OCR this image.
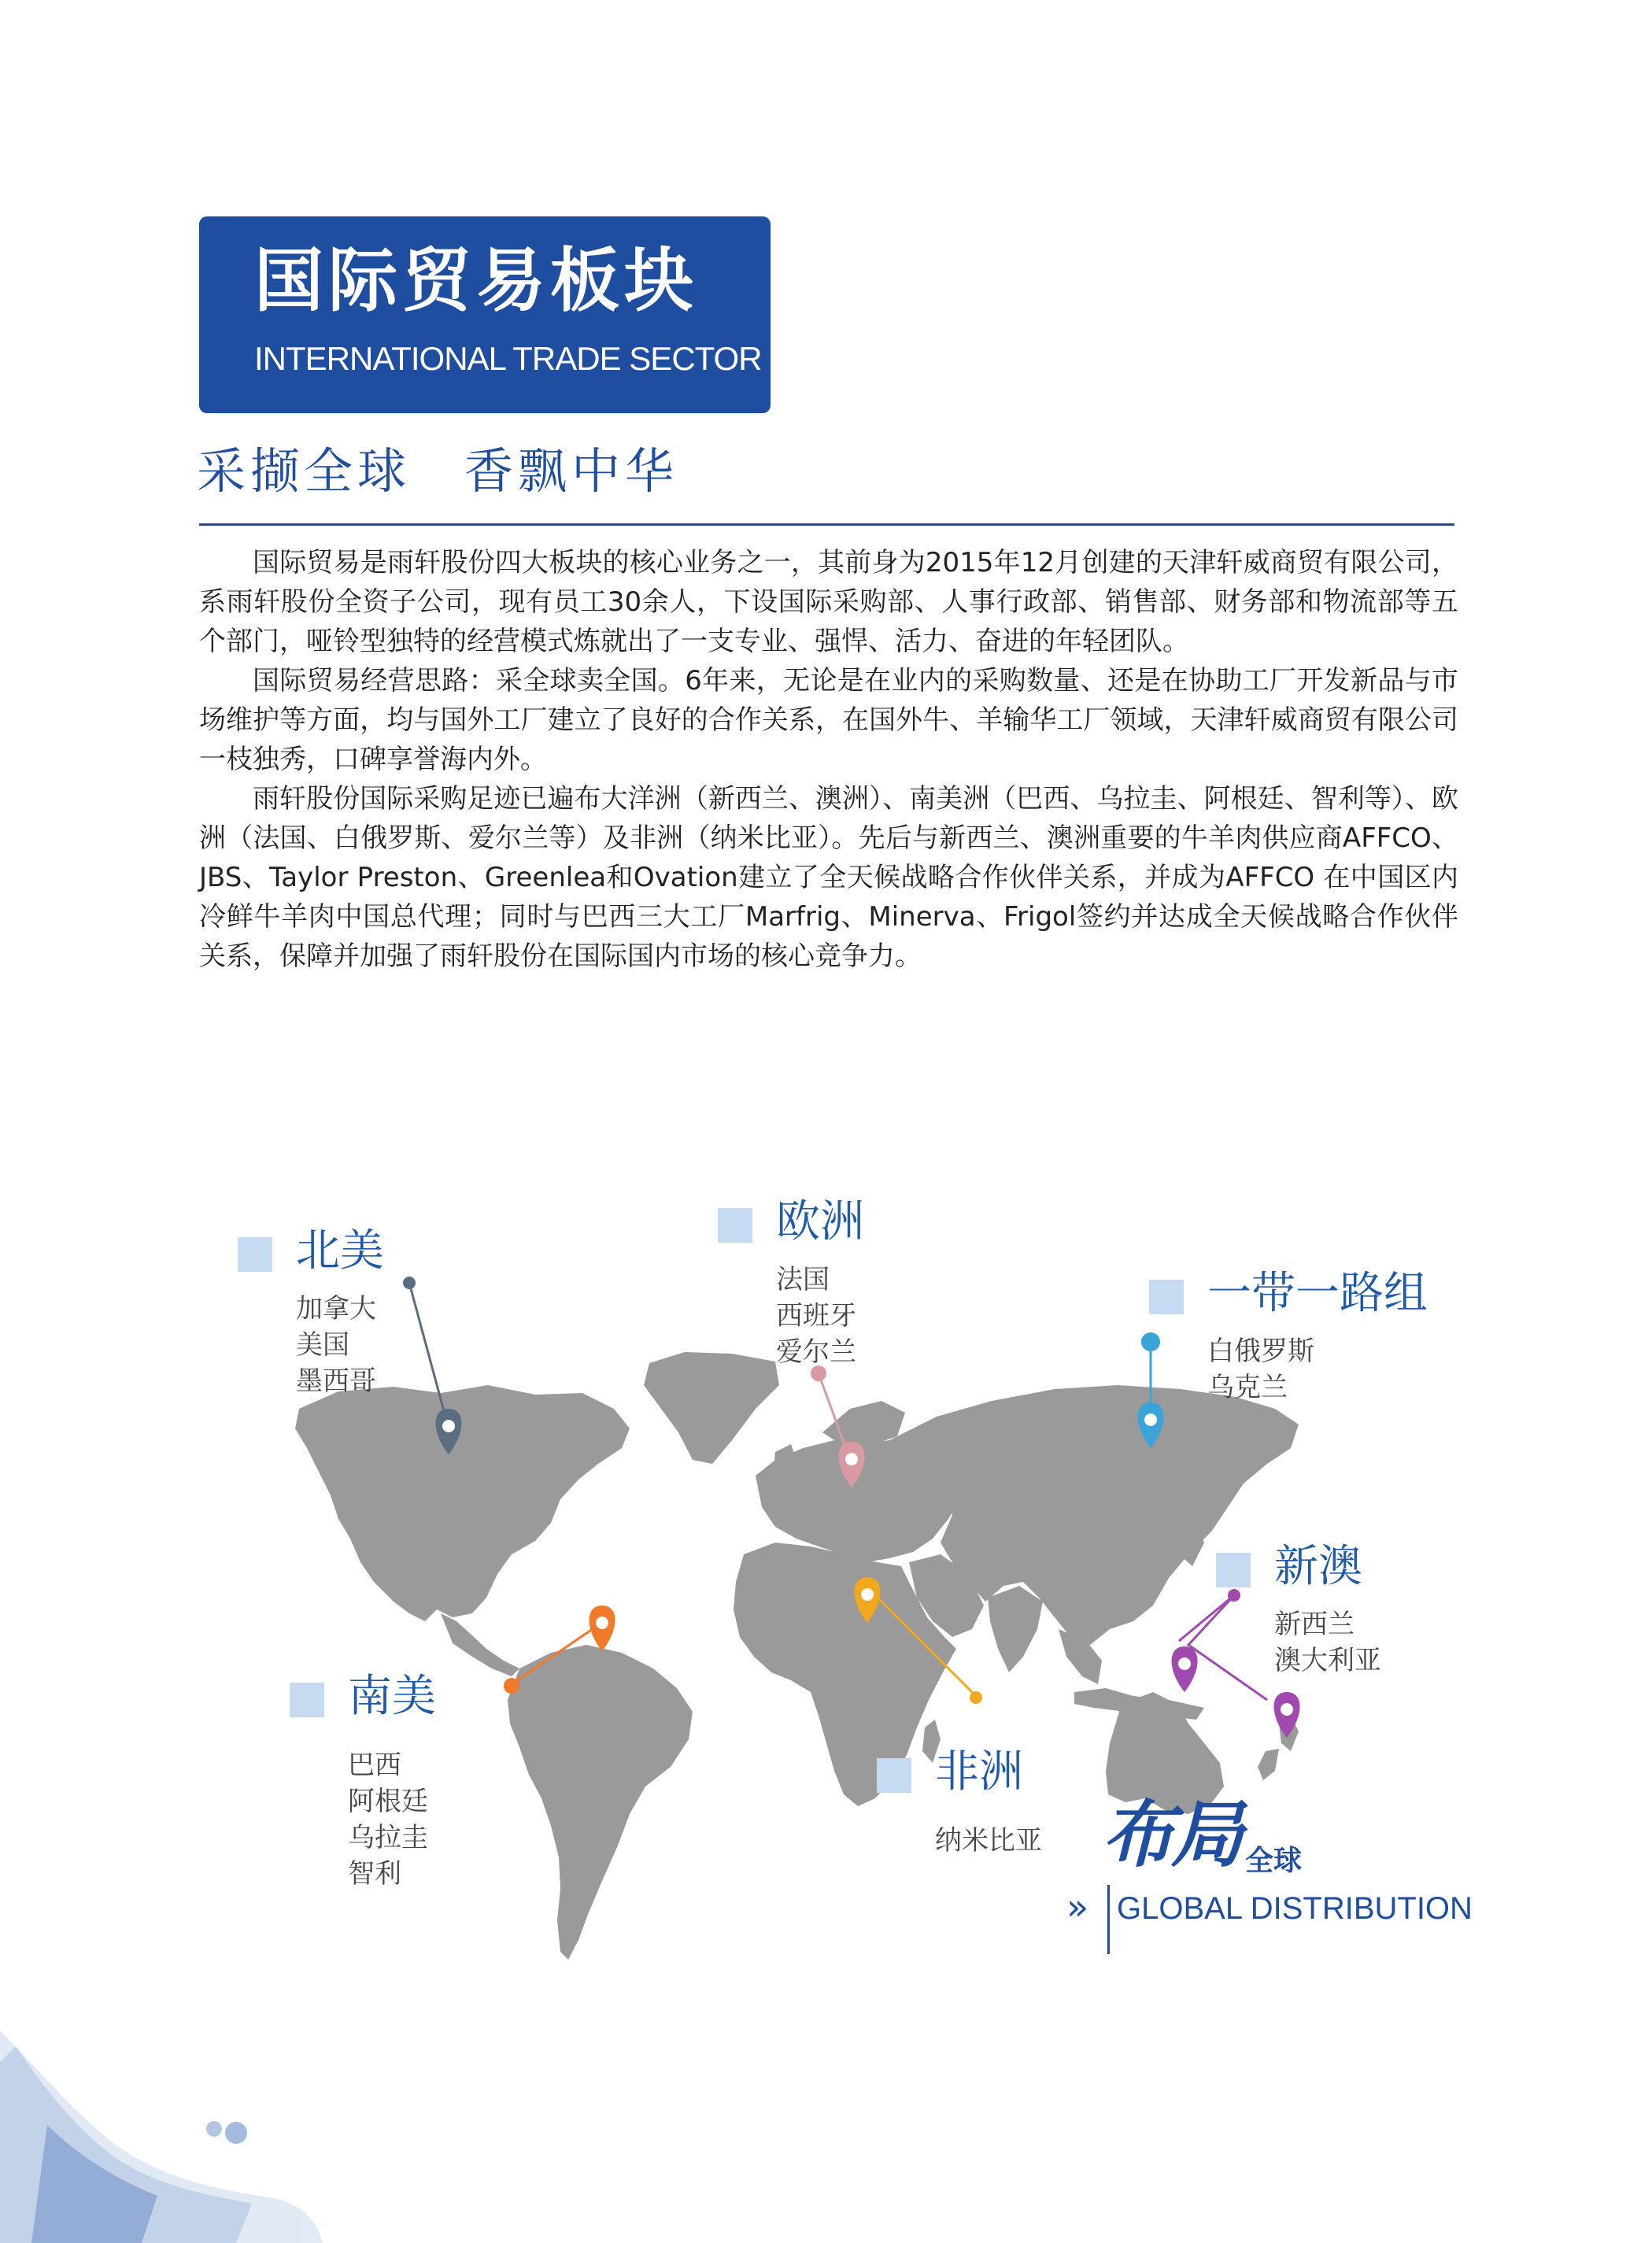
国际贸易板块
INTERNATIONAL TRADE SECTOR
采撷全球　香飘中华

国际贸易是雨轩股份四大板块的核心业务之一，其前身为2015年12月创建的天津轩威商贸有限公司，系雨轩股份全资子公司，现有员工30余人，下设国际采购部、人事行政部、销售部、财务部和物流部等五个部门，哑铃型独特的经营模式炼就出了一支专业、强悍、活力、奋进的年轻团队。

国际贸易经营思路：采全球卖全国。6年来，无论是在业内的采购数量、还是在协助工厂开发新品与市场维护等方面，均与国外工厂建立了良好的合作关系，在国外牛、羊输华工厂领域，天津轩威商贸有限公司一枝独秀，口碑享誉海内外。

雨轩股份国际采购足迹已遍布大洋洲（新西兰、澳洲）、南美洲（巴西、乌拉圭、阿根廷、智利等）、欧洲（法国、白俄罗斯、爱尔兰等）及非洲（纳米比亚）。先后与新西兰、澳洲重要的牛羊肉供应商AFFCO、JBS、Taylor Preston、Greenlea和Ovation建立了全天候战略合作伙伴关系，并成为AFFCO 在中国区内冷鲜牛羊肉中国总代理；同时与巴西三大工厂Marfrig、Minerva、Frigol签约并达成全天候战略合作伙伴关系，保障并加强了雨轩股份在国际国内市场的核心竞争力。

北美
加拿大
美国
墨西哥
欧洲
法国
西班牙
爱尔兰
一带一路组
白俄罗斯
乌克兰
新澳
新西兰
澳大利亚
南美
巴西
阿根廷
乌拉圭
智利
非洲
纳米比亚 布局 全球
» GLOBAL DISTRIBUTION
